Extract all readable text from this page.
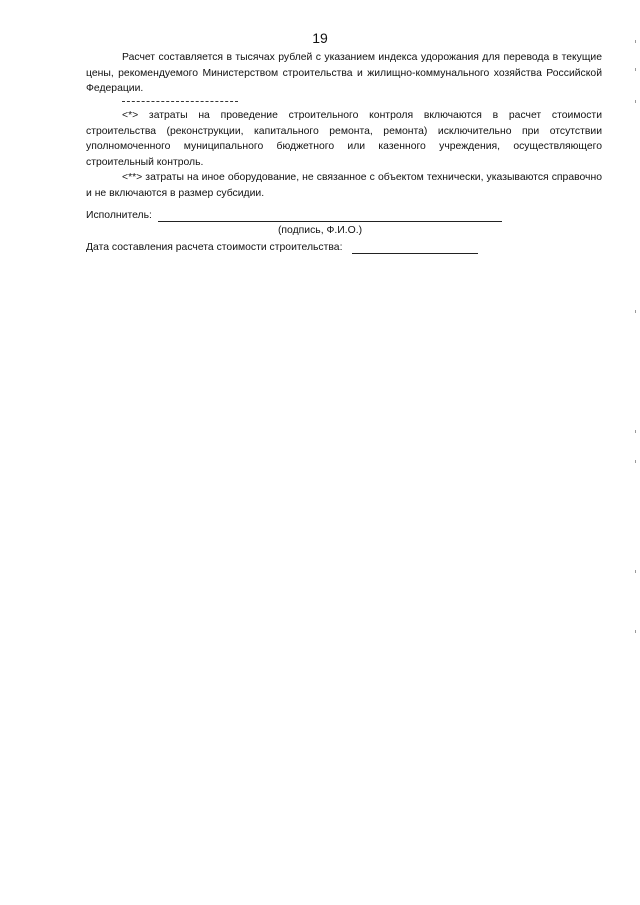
19
Расчет составляется в тысячах рублей с указанием индекса удорожания для перевода в текущие цены, рекомендуемого Министерством строительства и жилищно-коммунального хозяйства Российской Федерации.
<*> затраты на проведение строительного контроля включаются в расчет стоимости строительства (реконструкции, капитального ремонта, ремонта) исключительно при отсутствии уполномоченного муниципального бюджетного или казенного учреждения, осуществляющего строительный контроль.
<**> затраты на иное оборудование, не связанное с объектом технически, указываются справочно и не включаются в размер субсидии.
Исполнитель:
(подпись, Ф.И.О.)
Дата составления расчета стоимости строительства:
